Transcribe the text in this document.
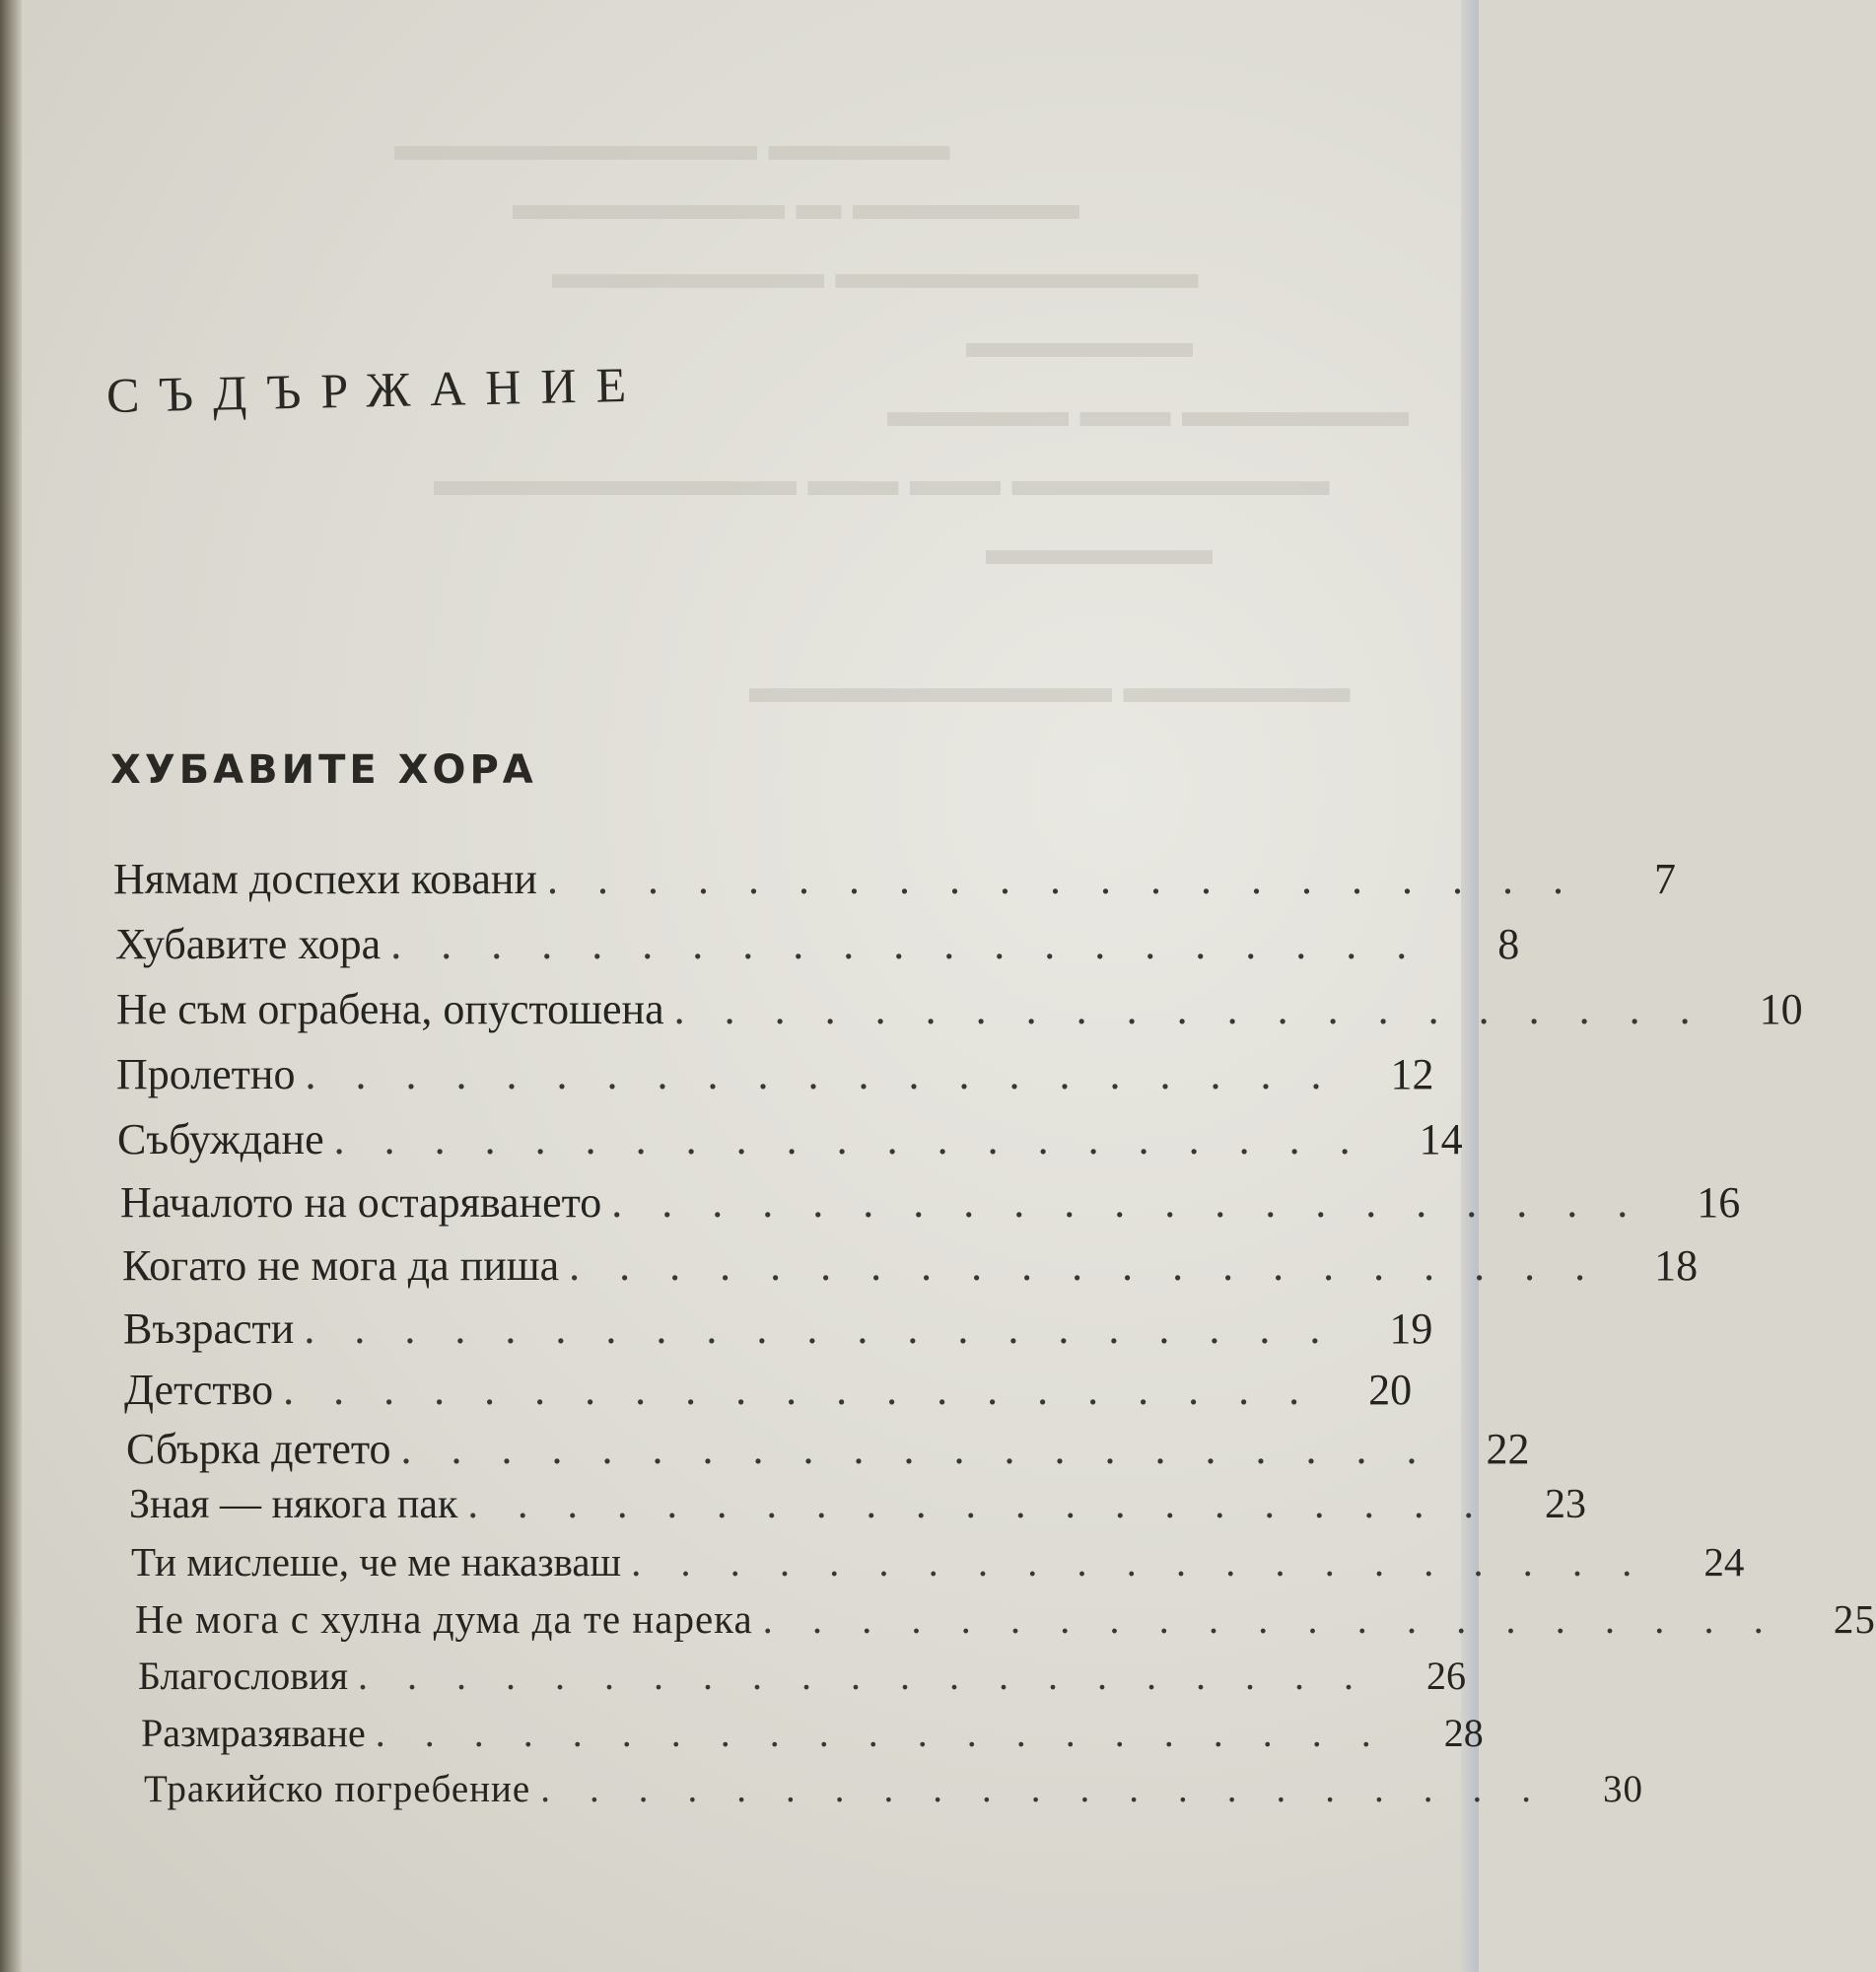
▬▬▬▬ ▬▬▬▬▬▬▬▬
▬▬▬▬▬ ▬ ▬▬▬▬▬▬
▬▬▬▬▬▬▬▬ ▬▬▬▬▬▬
▬▬▬▬▬
▬▬▬▬▬ ▬▬ ▬▬▬▬
▬▬▬▬▬▬▬ ▬▬ ▬▬ ▬▬▬▬▬▬▬▬
▬▬▬▬▬
▬▬▬▬▬ ▬▬▬▬▬▬▬▬
СЪДЪРЖАНИЕ
ХУБАВИТЕ ХОРА
Нямам доспехи ковани .....................	7
Хубавите хора .....................	8
Не съм ограбена, опустошена ..................... 10
Пролетно ..................... 12
Събуждане ..................... 14
Началото на остаряването ..................... 16
Когато не мога да пиша ..................... 18
Възрасти ..................... 19
Детство ..................... 20
Сбърка детето ..................... 22
Зная — някога пак ..................... 23
Ти мислеше, че ме наказваш ..................... 24
Не мога с хулна дума да те нарека ..................... 25
Благословия ..................... 26
Размразяване ..................... 28
Тракийско погребение ..................... 30
